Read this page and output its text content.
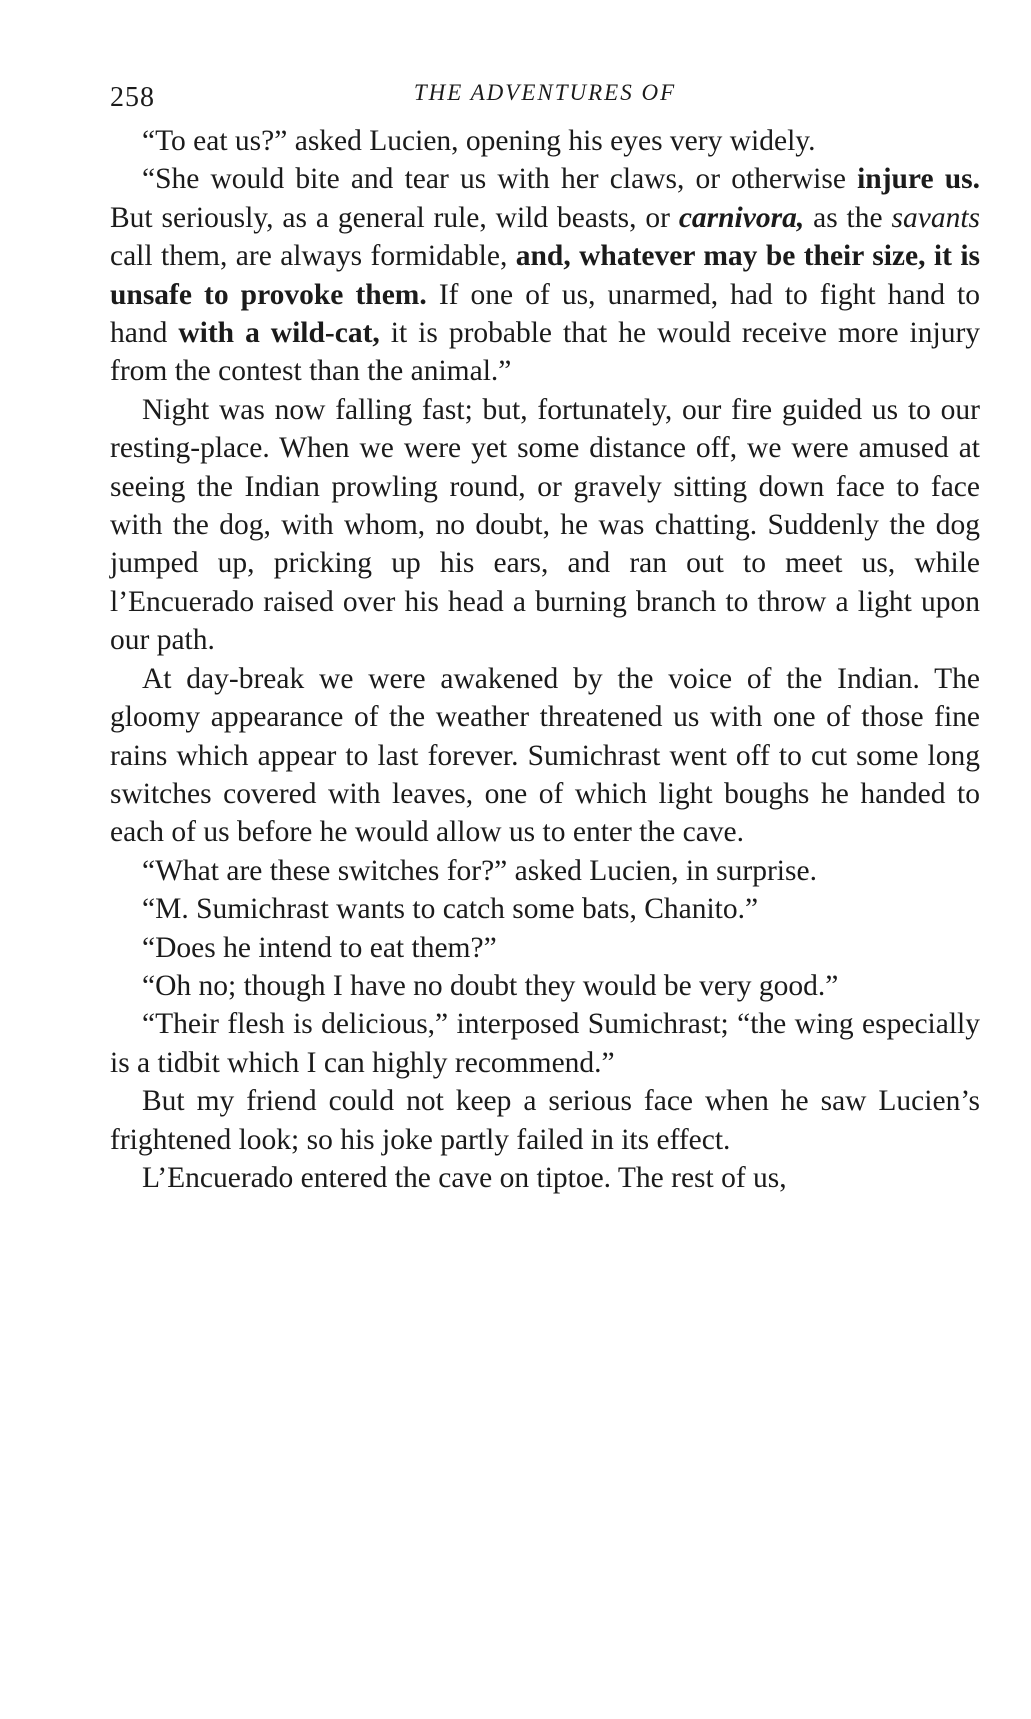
258	THE ADVENTURES OF

“To eat us?” asked Lucien, opening his eyes very widely.

“She would bite and tear us with her claws, or otherwise injure us. But seriously, as a general rule, wild beasts, or carnivora, as the savants call them, are always formidable, and, whatever may be their size, it is unsafe to provoke them. If one of us, unarmed, had to fight hand to hand with a wild-cat, it is probable that he would receive more injury from the contest than the animal.”

Night was now falling fast; but, fortunately, our fire guided us to our resting-place. When we were yet some distance off, we were amused at seeing the Indian prowling round, or gravely sitting down face to face with the dog, with whom, no doubt, he was chatting. Suddenly the dog jumped up, pricking up his ears, and ran out to meet us, while l’Encuerado raised over his head a burning branch to throw a light upon our path.

At day-break we were awakened by the voice of the Indian. The gloomy appearance of the weather threatened us with one of those fine rains which appear to last forever. Sumichrast went off to cut some long switches covered with leaves, one of which light boughs he handed to each of us before he would allow us to enter the cave.

“What are these switches for?” asked Lucien, in surprise.

“M. Sumichrast wants to catch some bats, Chanito.”

“Does he intend to eat them?”

“Oh no; though I have no doubt they would be very good.”

“Their flesh is delicious,” interposed Sumichrast; “the wing especially is a tidbit which I can highly recommend.”

But my friend could not keep a serious face when he saw Lucien’s frightened look; so his joke partly failed in its effect.

L’Encuerado entered the cave on tiptoe. The rest of us,
